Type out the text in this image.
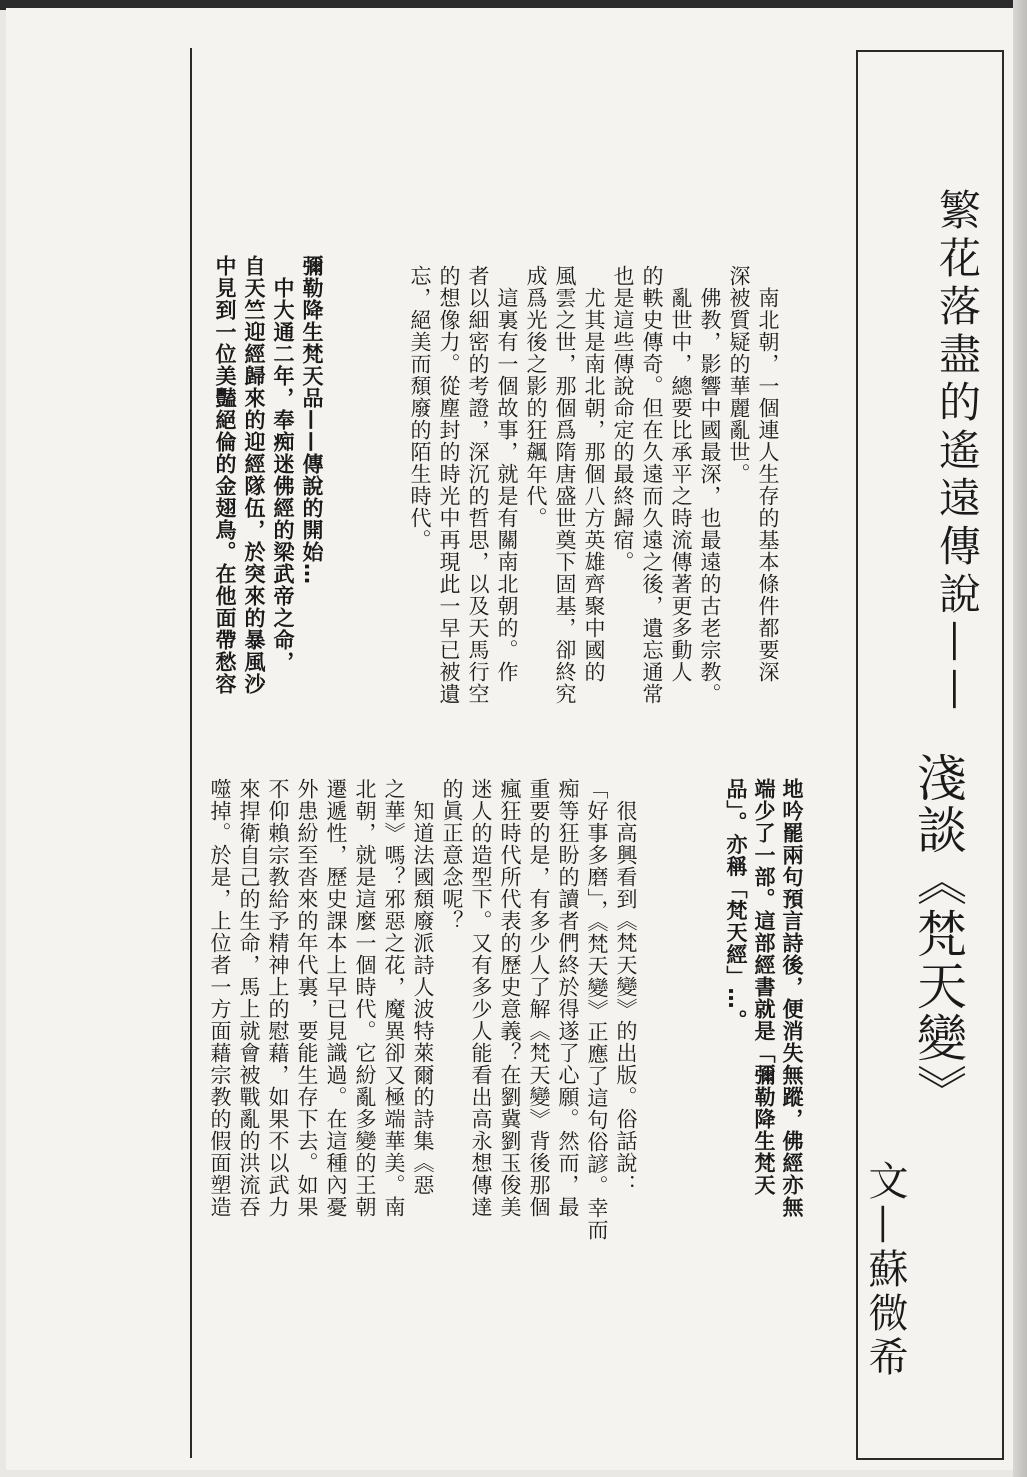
繁花落盡的遙遠傳說——
淺談《梵天變》
文—蘇微希
地吟罷兩句預言詩後，便消失無蹤，佛經亦無
端少了一部。這部經書就是「彌勒降生梵天
品」。亦稱「梵天經」…。
　南北朝，一個連人生存的基本條件都要深
深被質疑的華麗亂世。
　佛教，影響中國最深，也最遠的古老宗教。
　亂世中，總要比承平之時流傳著更多動人
的軼史傳奇。但在久遠而久遠之後，遺忘通常
也是這些傳說命定的最終歸宿。
　尤其是南北朝，那個八方英雄齊聚中國的
風雲之世，那個爲隋唐盛世奠下固基，卻終究
成爲光後之影的狂飆年代。
　這裏有一個故事，就是有關南北朝的。作
者以細密的考證，深沉的哲思，以及天馬行空
的想像力。從塵封的時光中再現此一早已被遺
忘，絕美而頹廢的陌生時代。
彌勒降生梵天品——傳說的開始…
　中大通二年，奉痴迷佛經的梁武帝之命，
自天竺迎經歸來的迎經隊伍，於突來的暴風沙
中見到一位美豔絕倫的金翅鳥。在他面帶愁容
　很高興看到《梵天變》的出版。俗話說：
「好事多磨」，《梵天變》正應了這句俗諺。幸而
痴等狂盼的讀者們終於得遂了心願。然而，最
重要的是，有多少人了解《梵天變》背後那個
瘋狂時代所代表的歷史意義？在劉冀劉玉俊美
迷人的造型下。又有多少人能看出高永想傳達
的眞正意念呢？
　知道法國頹廢派詩人波特萊爾的詩集《惡
之華》嗎？邪惡之花，魔異卻又極端華美。南
北朝，就是這麼一個時代。它紛亂多變的王朝
遷遞性，歷史課本上早已見識過。在這種內憂
外患紛至沓來的年代裏，要能生存下去。如果
不仰賴宗教給予精神上的慰藉，如果不以武力
來捍衛自己的生命，馬上就會被戰亂的洪流吞
噬掉。於是，上位者一方面藉宗教的假面塑造
